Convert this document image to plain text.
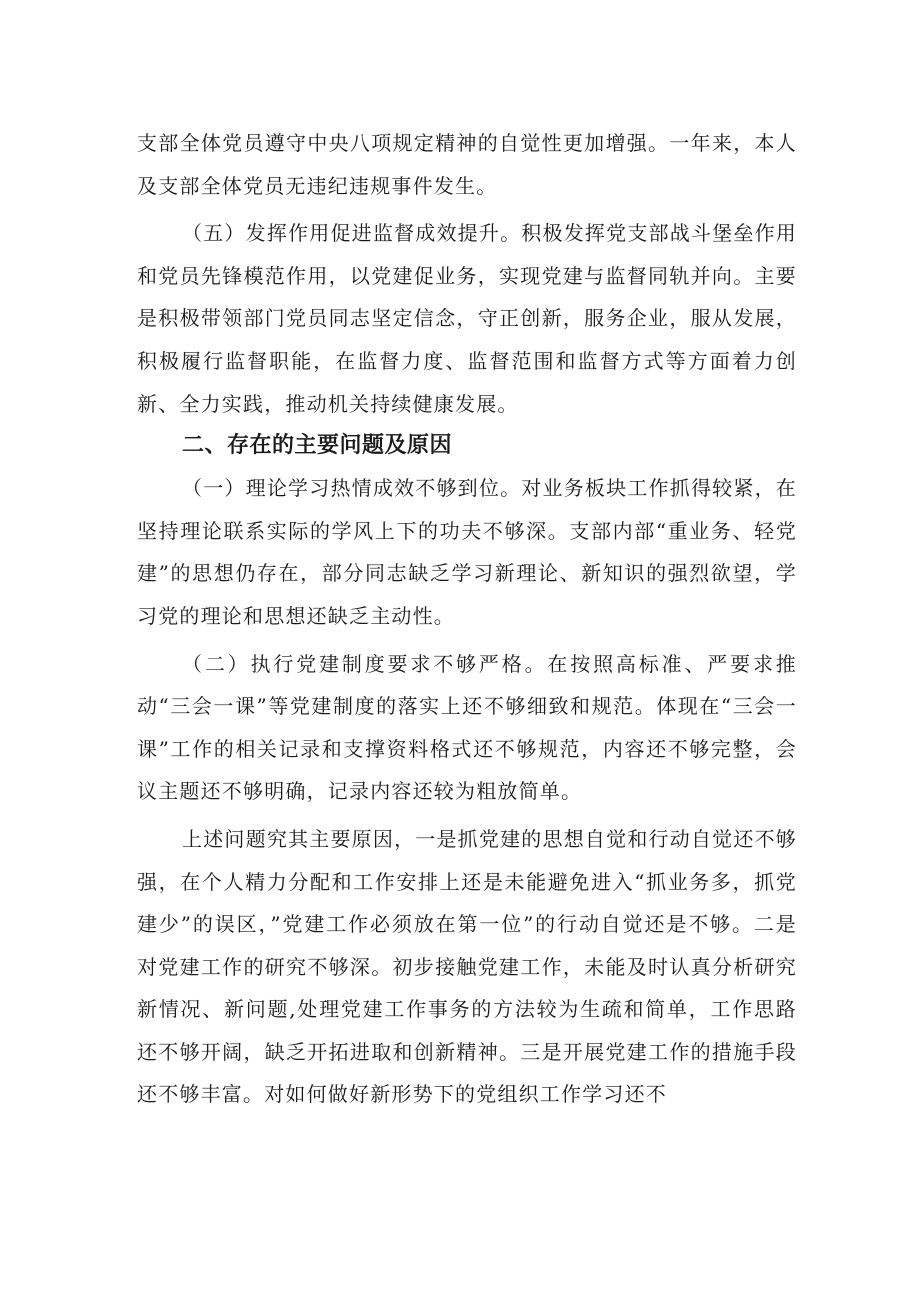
支部全体党员遵守中央八项规定精神的自觉性更加增强。一年来，本人及支部全体党员无违纪违规事件发生。

（五）发挥作用促进监督成效提升。积极发挥党支部战斗堡垒作用和党员先锋模范作用，以党建促业务，实现党建与监督同轨并向。主要是积极带领部门党员同志坚定信念，守正创新，服务企业，服从发展，积极履行监督职能，在监督力度、监督范围和监督方式等方面着力创新、全力实践，推动机关持续健康发展。

二、存在的主要问题及原因

（一）理论学习热情成效不够到位。对业务板块工作抓得较紧，在坚持理论联系实际的学风上下的功夫不够深。支部内部“重业务、轻党建”的思想仍存在，部分同志缺乏学习新理论、新知识的强烈欲望，学习党的理论和思想还缺乏主动性。

（二）执行党建制度要求不够严格。在按照高标准、严要求推动“三会一课”等党建制度的落实上还不够细致和规范。体现在“三会一课”工作的相关记录和支撑资料格式还不够规范，内容还不够完整，会议主题还不够明确，记录内容还较为粗放简单。

上述问题究其主要原因，一是抓党建的思想自觉和行动自觉还不够强，在个人精力分配和工作安排上还是未能避免进入“抓业务多，抓党建少”的误区，”党建工作必须放在第一位”的行动自觉还是不够。二是对党建工作的研究不够深。初步接触党建工作，未能及时认真分析研究新情况、新问题,处理党建工作事务的方法较为生疏和简单，工作思路还不够开阔，缺乏开拓进取和创新精神。三是开展党建工作的措施手段还不够丰富。对如何做好新形势下的党组织工作学习还不
